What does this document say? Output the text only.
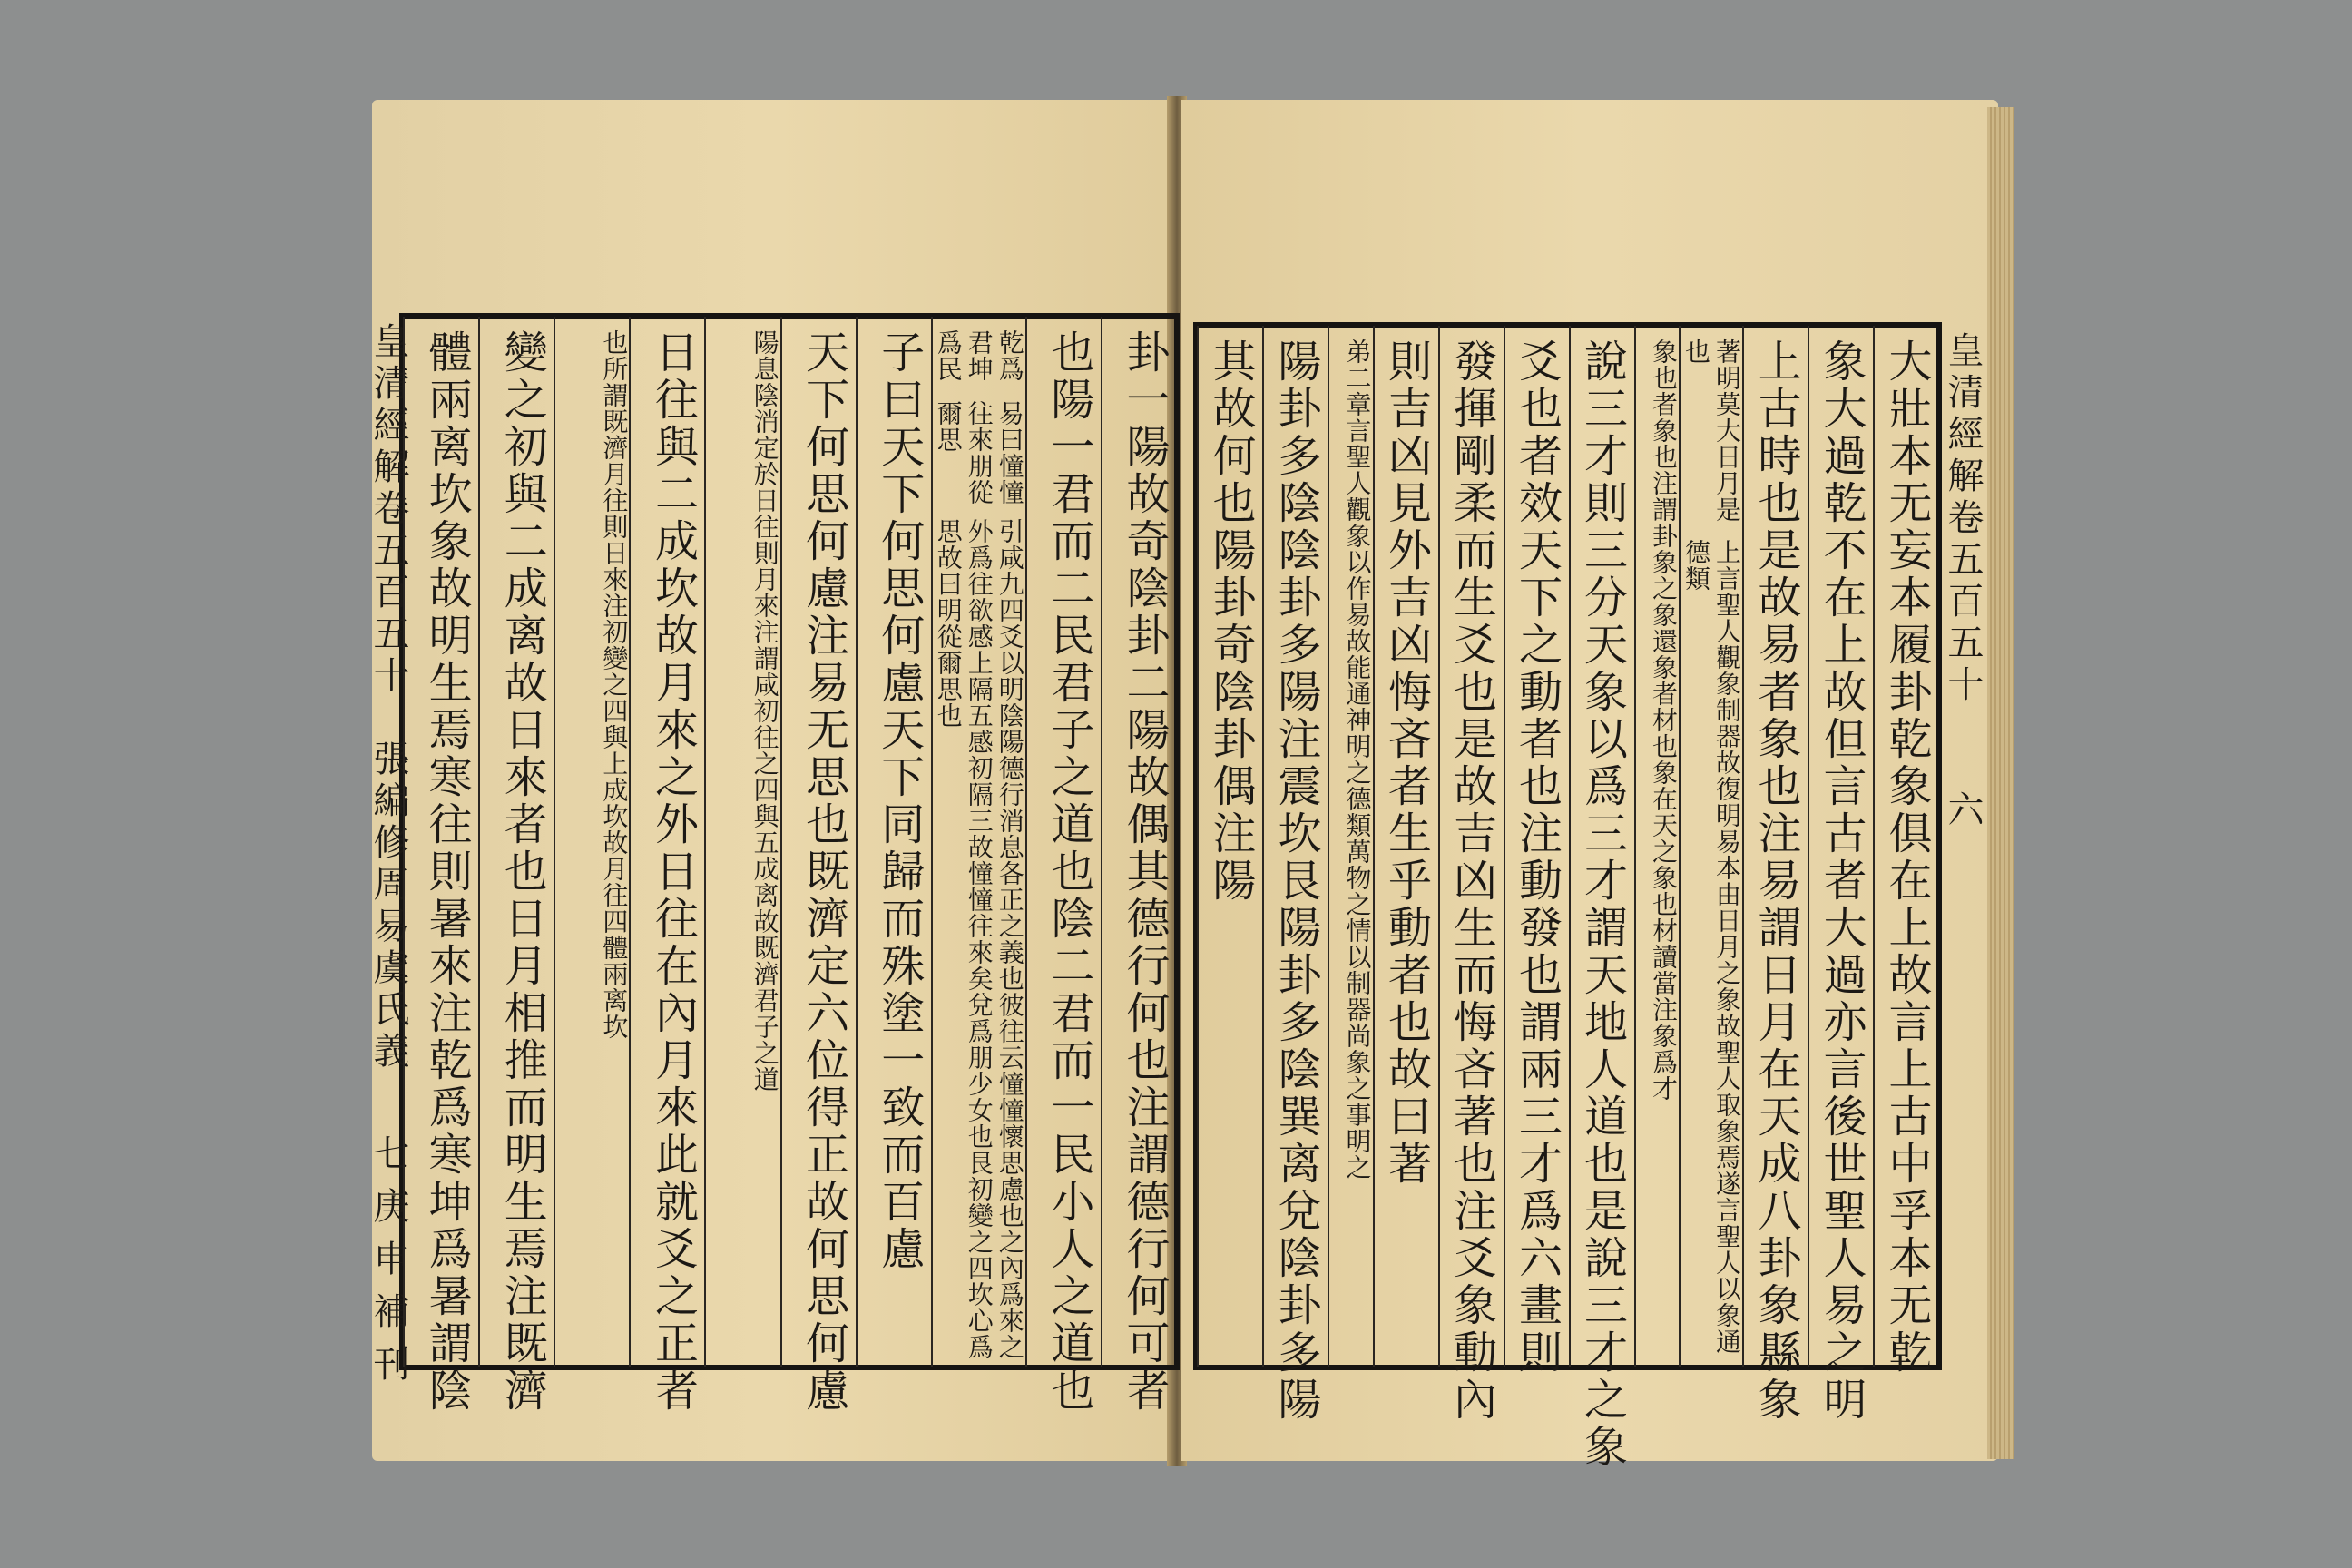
皇清經解卷五百五十　張編修周易虞氏義
七庚申補刊
皇清經解卷五百五十　　六
卦一陽故奇陰卦二陽故偶其德行何也注謂德行何可者
也陽一君而二民君子之道也陰二君而一民小人之道也
乾爲君坤爲民
易曰憧憧往來朋從爾思
引咸九四爻以明陰陽德行消息各正之義也彼往云憧憧懷思慮也之內爲來之外爲往欲感上隔五感初隔三故憧憧往來矣兌爲朋少女也艮初變之四坎心爲思故曰明從爾思也
子曰天下何思何慮天下同歸而殊塗一致而百慮
天下何思何慮注易无思也既濟定六位得正故何思何慮
陽息陰消定於
日往則月來注謂咸初往之四與五成离故
既濟君子之道
日往與二成坎故月來之外日往在內月來此就爻之正者
也所謂既濟
月往則日來注初變之四與上成坎故月往四
體兩离坎
變之初與二成离故日來者也日月相推而明生焉注既濟
體兩离坎象故明生焉寒往則暑來注乾爲寒坤爲暑謂陰	大壯本无妄本履卦乾象俱在上故言上古中孚本无乾
象大過乾不在上故但言古者大過亦言後世聖人易之明
上古時也是故易者象也注易謂日月在天成八卦象縣象
著明莫大日月是也
上言聖人觀象制器故復明易本由日月之象故聖人取象焉遂言聖人以象通德類
象也者象也注
謂卦象之象還象者材也
象在天之象也材讀當注象
爲才
說三才則三分天象以爲三才謂天地人道也是說三才之象
爻也者效天下之動者也注動發也謂兩三才爲六畫則
發揮剛柔而生爻也是故吉凶生而悔吝著也注爻象動內
則吉凶見外吉凶悔吝者生乎動者也故曰著
弟二章言聖人觀象以作易故能通神明之德類萬物之情以制器尚象之事明之
陽卦多陰陰卦多陽注震坎艮陽卦多陰巽离兌陰卦多陽
其故何也陽卦奇陰卦偶注陽
